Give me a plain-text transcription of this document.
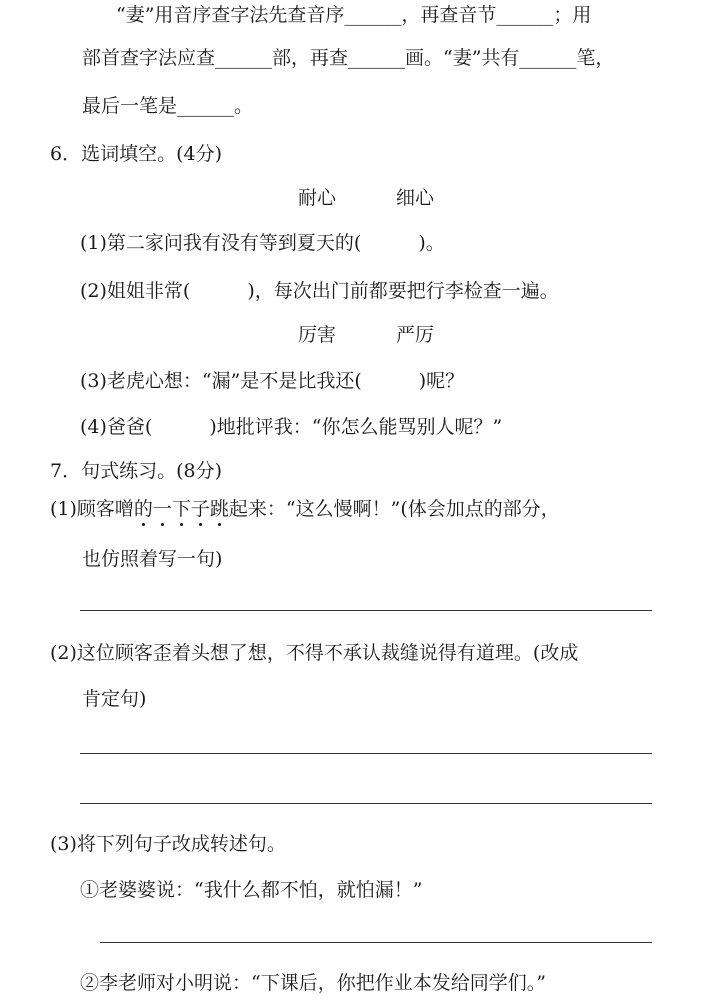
“妻”用音序查字法先查音序______，再查音节______；用
部首查字法应查______部，再查______画。“妻”共有______笔，
最后一笔是______。
6．选词填空。(4分)
耐心	细心
(1)第二家问我有没有等到夏天的(　　　)。
(2)姐姐非常(　　　)，每次出门前都要把行李检查一遍。
厉害	严厉
(3)老虎心想：“漏”是不是比我还(　　　)呢？
(4)爸爸(　　　)地批评我：“你怎么能骂别人呢？”
7．句式练习。(8分)
(1)顾客噌的一下子跳起来：“这么慢啊！”(体会加点的部分，
也仿照着写一句)
(2)这位顾客歪着头想了想，不得不承认裁缝说得有道理。(改成
肯定句)
(3)将下列句子改成转述句。
①老婆婆说：“我什么都不怕，就怕漏！”
②李老师对小明说：“下课后，你把作业本发给同学们。”
